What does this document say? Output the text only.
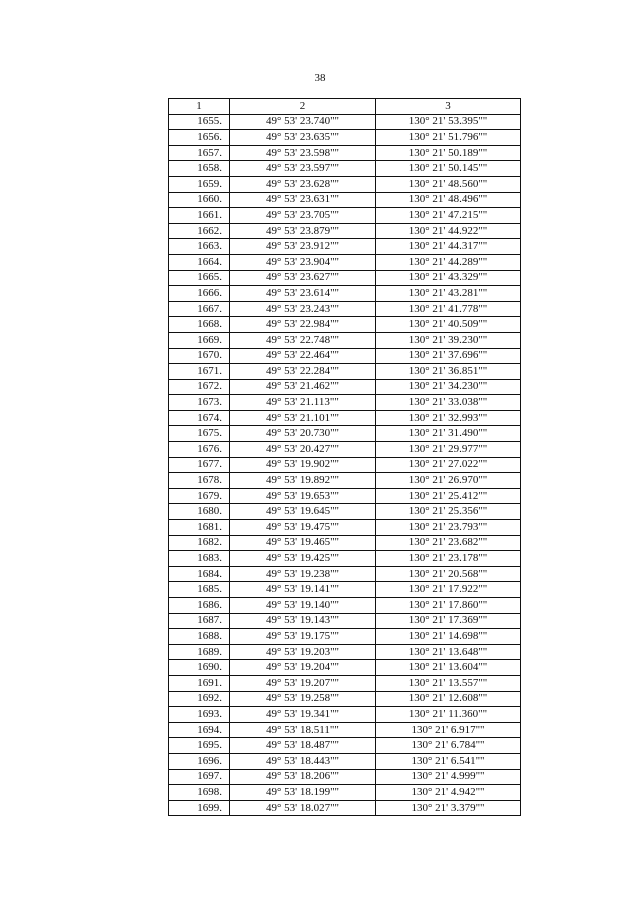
38
1	2	3
1655.	49° 53' 23.740""	130° 21' 53.395""
1656.	49° 53' 23.635""	130° 21' 51.796""
1657.	49° 53' 23.598""	130° 21' 50.189""
1658.	49° 53' 23.597""	130° 21' 50.145""
1659.	49° 53' 23.628""	130° 21' 48.560""
1660.	49° 53' 23.631""	130° 21' 48.496""
1661.	49° 53' 23.705""	130° 21' 47.215""
1662.	49° 53' 23.879""	130° 21' 44.922""
1663.	49° 53' 23.912""	130° 21' 44.317""
1664.	49° 53' 23.904""	130° 21' 44.289""
1665.	49° 53' 23.627""	130° 21' 43.329""
1666.	49° 53' 23.614""	130° 21' 43.281""
1667.	49° 53' 23.243""	130° 21' 41.778""
1668.	49° 53' 22.984""	130° 21' 40.509""
1669.	49° 53' 22.748""	130° 21' 39.230""
1670.	49° 53' 22.464""	130° 21' 37.696""
1671.	49° 53' 22.284""	130° 21' 36.851""
1672.	49° 53' 21.462""	130° 21' 34.230""
1673.	49° 53' 21.113""	130° 21' 33.038""
1674.	49° 53' 21.101""	130° 21' 32.993""
1675.	49° 53' 20.730""	130° 21' 31.490""
1676.	49° 53' 20.427""	130° 21' 29.977""
1677.	49° 53' 19.902""	130° 21' 27.022""
1678.	49° 53' 19.892""	130° 21' 26.970""
1679.	49° 53' 19.653""	130° 21' 25.412""
1680.	49° 53' 19.645""	130° 21' 25.356""
1681.	49° 53' 19.475""	130° 21' 23.793""
1682.	49° 53' 19.465""	130° 21' 23.682""
1683.	49° 53' 19.425""	130° 21' 23.178""
1684.	49° 53' 19.238""	130° 21' 20.568""
1685.	49° 53' 19.141""	130° 21' 17.922""
1686.	49° 53' 19.140""	130° 21' 17.860""
1687.	49° 53' 19.143""	130° 21' 17.369""
1688.	49° 53' 19.175""	130° 21' 14.698""
1689.	49° 53' 19.203""	130° 21' 13.648""
1690.	49° 53' 19.204""	130° 21' 13.604""
1691.	49° 53' 19.207""	130° 21' 13.557""
1692.	49° 53' 19.258""	130° 21' 12.608""
1693.	49° 53' 19.341""	130° 21' 11.360""
1694.	49° 53' 18.511""	130° 21' 6.917""
1695.	49° 53' 18.487""	130° 21' 6.784""
1696.	49° 53' 18.443""	130° 21' 6.541""
1697.	49° 53' 18.206""	130° 21' 4.999""
1698.	49° 53' 18.199""	130° 21' 4.942""
1699.	49° 53' 18.027""	130° 21' 3.379""
